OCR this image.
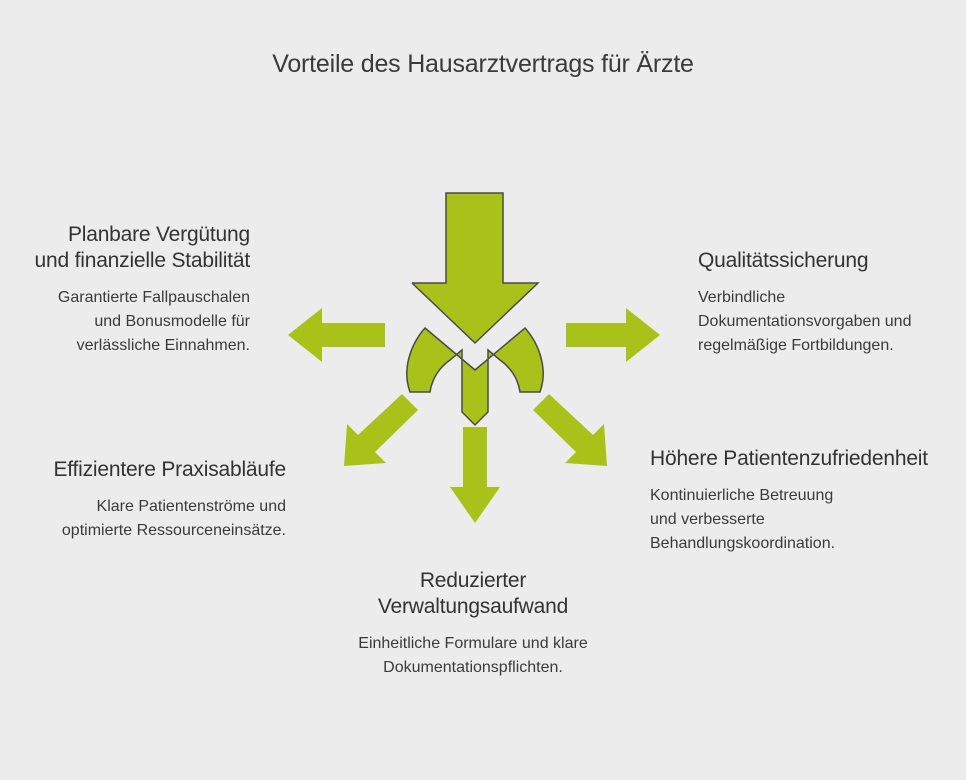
Vorteile des Hausarztvertrags für Ärzte
Planbare Vergütung
und finanzielle Stabilität
Garantierte Fallpauschalen
und Bonusmodelle für
verlässliche Einnahmen.
Qualitätssicherung
Verbindliche
Dokumentationsvorgaben und
regelmäßige Fortbildungen.
Effizientere Praxisabläufe
Klare Patientenströme und
optimierte Ressourceneinsätze.
Höhere Patientenzufriedenheit
Kontinuierliche Betreuung
und verbesserte
Behandlungskoordination.
Reduzierter
Verwaltungsaufwand
Einheitliche Formulare und klare
Dokumentationspflichten.
